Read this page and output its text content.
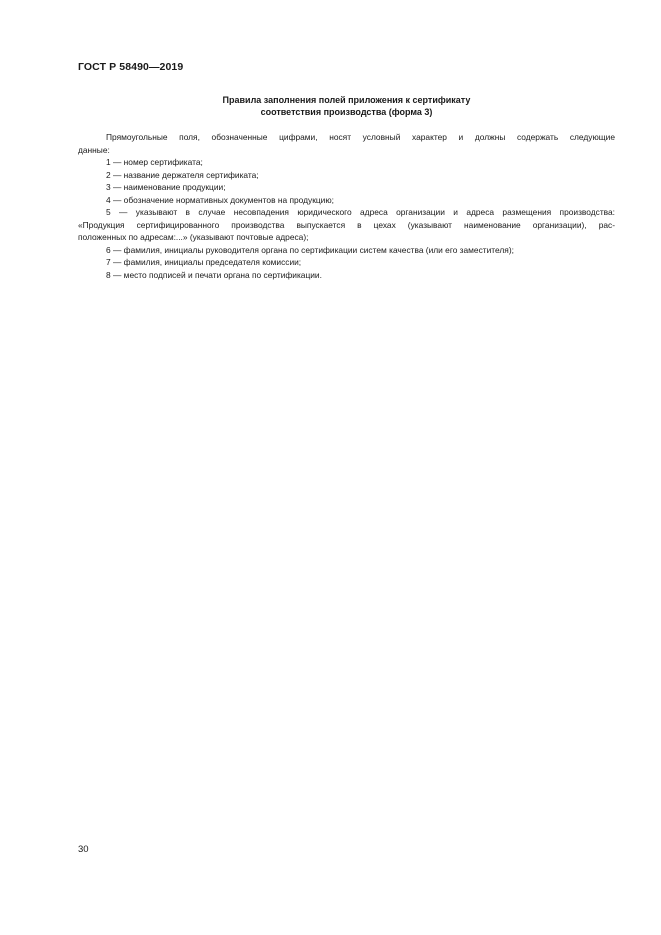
ГОСТ Р 58490—2019
Правила заполнения полей приложения к сертификату
соответствия производства (форма 3)

Прямоугольные поля, обозначенные цифрами, носят условный характер и должны содержать следующие

данные:

1 — номер сертификата;

2 — название держателя сертификата;

3 — наименование продукции;

4 — обозначение нормативных документов на продукцию;

5 — указывают в случае несовпадения юридического адреса организации и адреса размещения производства:

«Продукция сертифицированного производства выпускается в цехах (указывают наименование организации), рас-

положенных по адресам:...» (указывают почтовые адреса);

6 — фамилия, инициалы руководителя органа по сертификации систем качества (или его заместителя);

7 — фамилия, инициалы председателя комиссии;

8 — место подписей и печати органа по сертификации.

30
